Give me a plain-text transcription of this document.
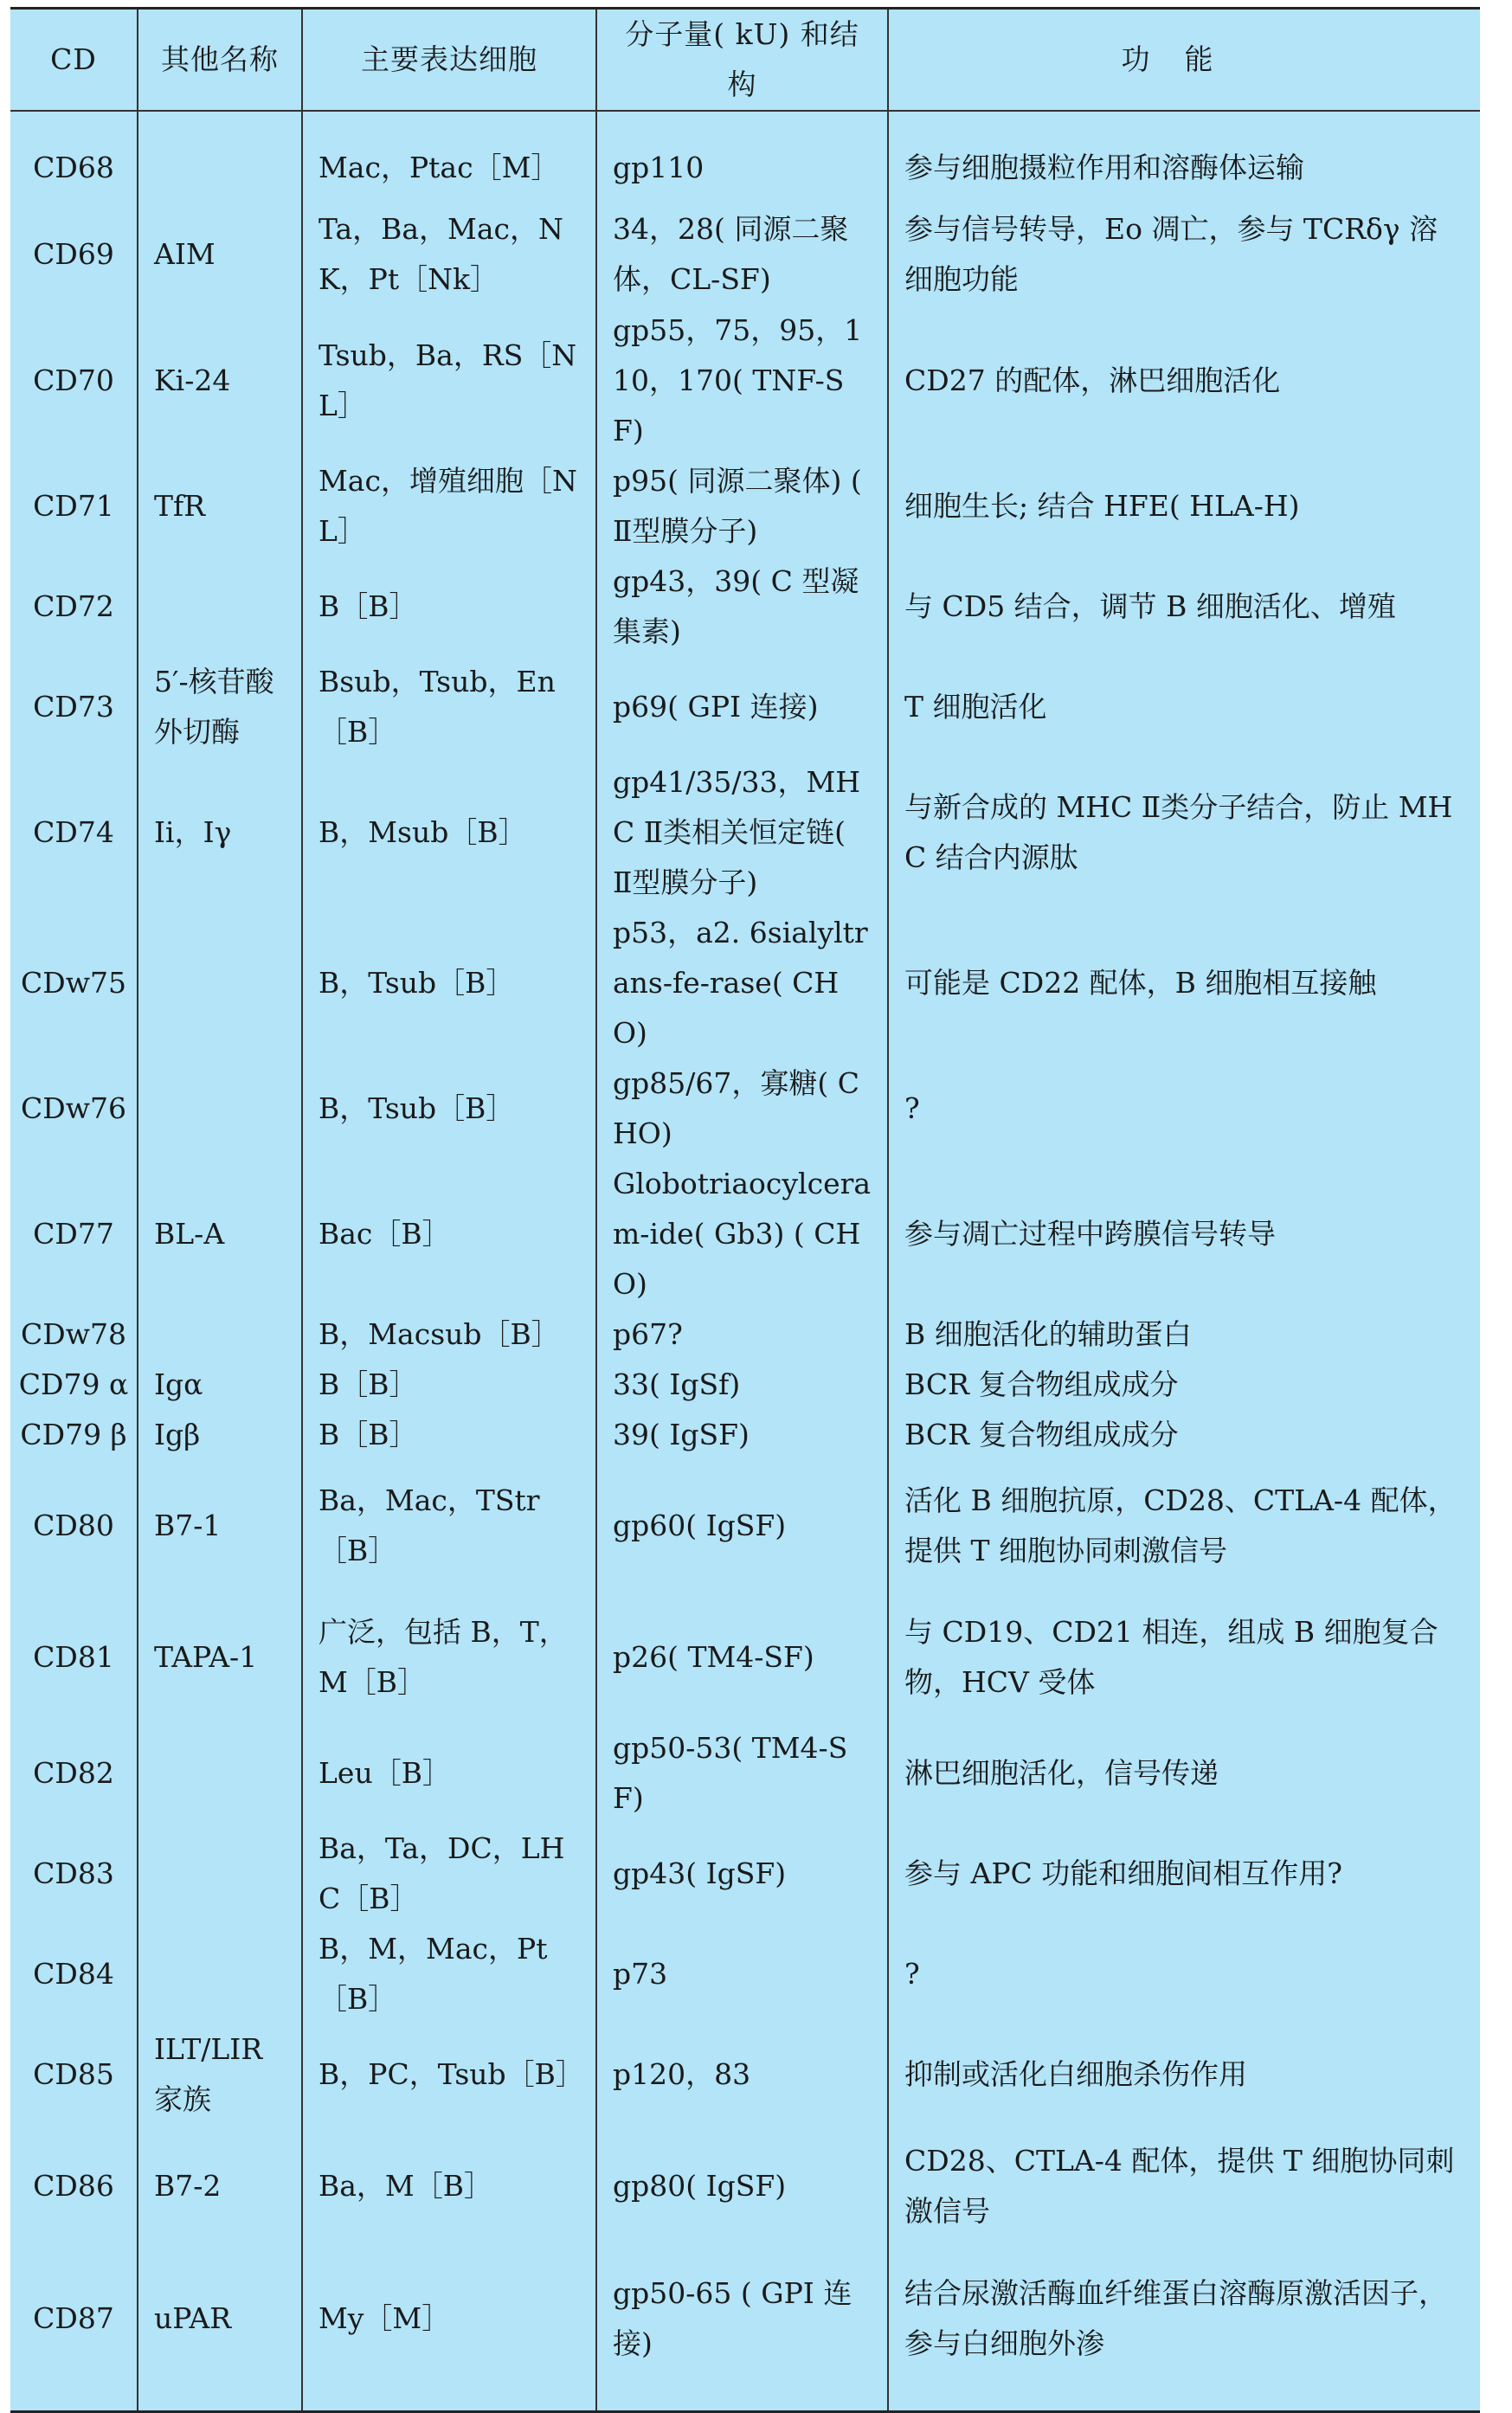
CD	其他名称	主要表达细胞	分子量( kU) 和结构	功能
CD68		Mac，Ptac［M］	gp110	参与细胞摄粒作用和溶酶体运输
CD69	AIM	Ta，Ba，Mac，NK，Pt［Nk］	34，28( 同源二聚体，CL-SF)	参与信号转导，Eo 凋亡，参与 TCRδγ 溶细胞功能
CD70	Ki-24	Tsub，Ba，RS［NL］	gp55，75，95，110，170( TNF-SF)	CD27 的配体，淋巴细胞活化
CD71	TfR	Mac，增殖细胞［NL］	p95( 同源二聚体) ( Ⅱ型膜分子)	细胞生长; 结合 HFE( HLA-H)
CD72		B［B］	gp43，39( C 型凝集素)	与 CD5 结合，调节 B 细胞活化、增殖
CD73	5′-核苷酸外切酶	Bsub，Tsub，En［B］	p69( GPI 连接)	T 细胞活化
CD74	Ii，Iγ	B，Msub［B］	gp41/35/33，MHC Ⅱ类相关恒定链( Ⅱ型膜分子)	与新合成的 MHC Ⅱ类分子结合，防止 MHC 结合内源肽
CDw75		B，Tsub［B］	p53，a2. 6sialyltrans-fe-rase( CHO)	可能是 CD22 配体，B 细胞相互接触
CDw76		B，Tsub［B］	gp85/67，寡糖( CHO)	?
CD77	BL-A	Bac［B］	Globotriaocylceram-ide( Gb3) ( CHO)	参与凋亡过程中跨膜信号转导
CDw78		B，Macsub［B］	p67?	B 细胞活化的辅助蛋白
CD79 α	Igα	B［B］	33( IgSf)	BCR 复合物组成成分
CD79 β	Igβ	B［B］	39( IgSF)	BCR 复合物组成成分
CD80	B7-1	Ba，Mac，TStr［B］	gp60( IgSF)	活化 B 细胞抗原，CD28、CTLA-4 配体，提供 T 细胞协同刺激信号
CD81	TAPA-1	广泛，包括 B，T，M［B］	p26( TM4-SF)	与 CD19、CD21 相连，组成 B 细胞复合物，HCV 受体
CD82		Leu［B］	gp50-53( TM4-SF)	淋巴细胞活化，信号传递
CD83		Ba，Ta，DC，LHC［B］	gp43( IgSF)	参与 APC 功能和细胞间相互作用?
CD84		B，M，Mac，Pt［B］	p73	?
CD85	ILT/LIR 家族	B，PC，Tsub［B］	p120，83	抑制或活化白细胞杀伤作用
CD86	B7-2	Ba，M［B］	gp80( IgSF)	CD28、CTLA-4 配体，提供 T 细胞协同刺激信号
CD87	uPAR	My［M］	gp50-65 ( GPI 连接)	结合尿激活酶血纤维蛋白溶酶原激活因子，参与白细胞外渗
